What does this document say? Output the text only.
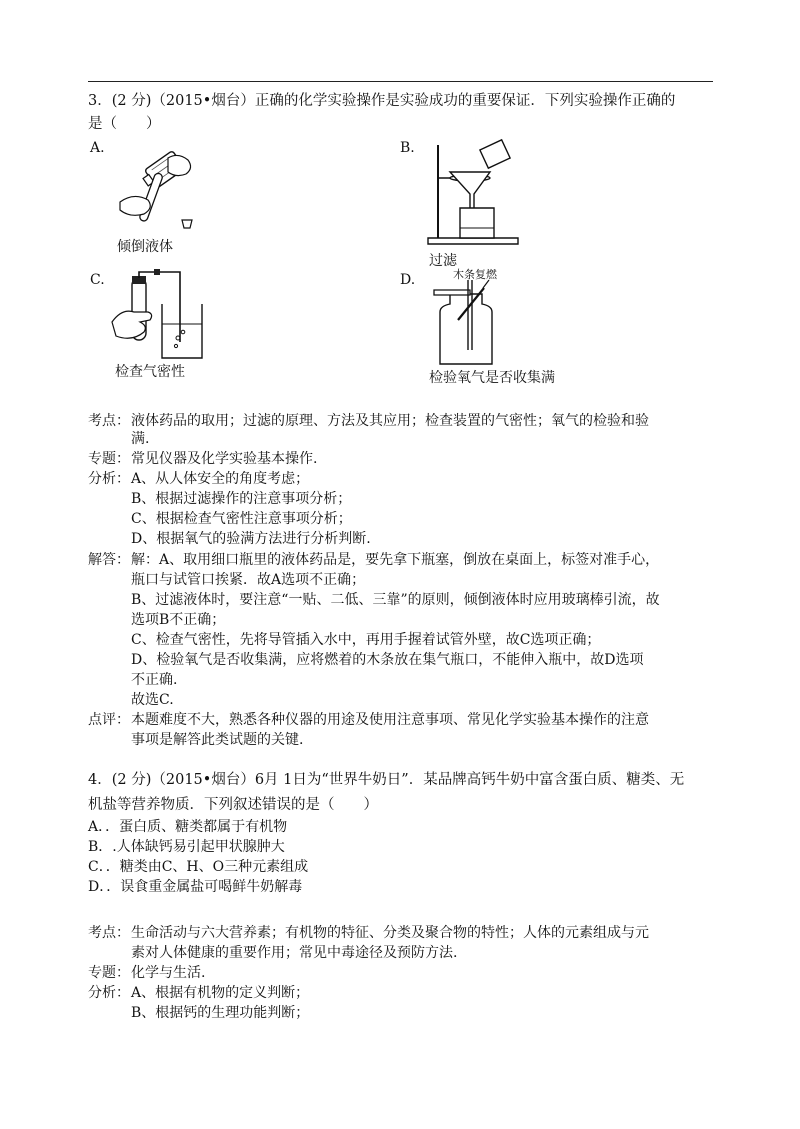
3．(2 分)（2015•烟台）正确的化学实验操作是实验成功的重要保证．下列实验操作正确的
是（　　）
A.
倾倒液体
B.
过滤
C.
检查气密性
D.	木条复燃
检验氧气是否收集满
考点： 液体药品的取用；过滤的原理、方法及其应用；检查装置的气密性；氧气的检验和验
满.
专题： 常见仪器及化学实验基本操作.
分析： A、从人体安全的角度考虑；
B、根据过滤操作的注意事项分析；
C、根据检查气密性注意事项分析；
D、根据氧气的验满方法进行分析判断.
解答： 解：A、取用细口瓶里的液体药品是，要先拿下瓶塞，倒放在桌面上，标签对准手心，
瓶口与试管口挨紧．故A选项不正确；
B、过滤液体时，要注意“一贴、二低、三靠”的原则，倾倒液体时应用玻璃棒引流，故
选项B不正确；
C、检查气密性，先将导管插入水中，再用手握着试管外壁，故C选项正确；
D、检验氧气是否收集满，应将燃着的木条放在集气瓶口，不能伸入瓶中，故D选项
不正确.
故选C.
点评： 本题难度不大，熟悉各种仪器的用途及使用注意事项、常见化学实验基本操作的注意
事项是解答此类试题的关键.
4．(2 分)（2015•烟台）6月 1日为“世界牛奶日”．某品牌高钙牛奶中富含蛋白质、糖类、无
机盐等营养物质．下列叙述错误的是（　　）
A．．蛋白质、糖类都属于有机物
B．.人体缺钙易引起甲状腺肿大
C．．糖类由C、H、O三种元素组成
D．．误食重金属盐可喝鲜牛奶解毒
考点： 生命活动与六大营养素；有机物的特征、分类及聚合物的特性；人体的元素组成与元
素对人体健康的重要作用；常见中毒途径及预防方法.
专题： 化学与生活.
分析： A、根据有机物的定义判断；
B、根据钙的生理功能判断；
